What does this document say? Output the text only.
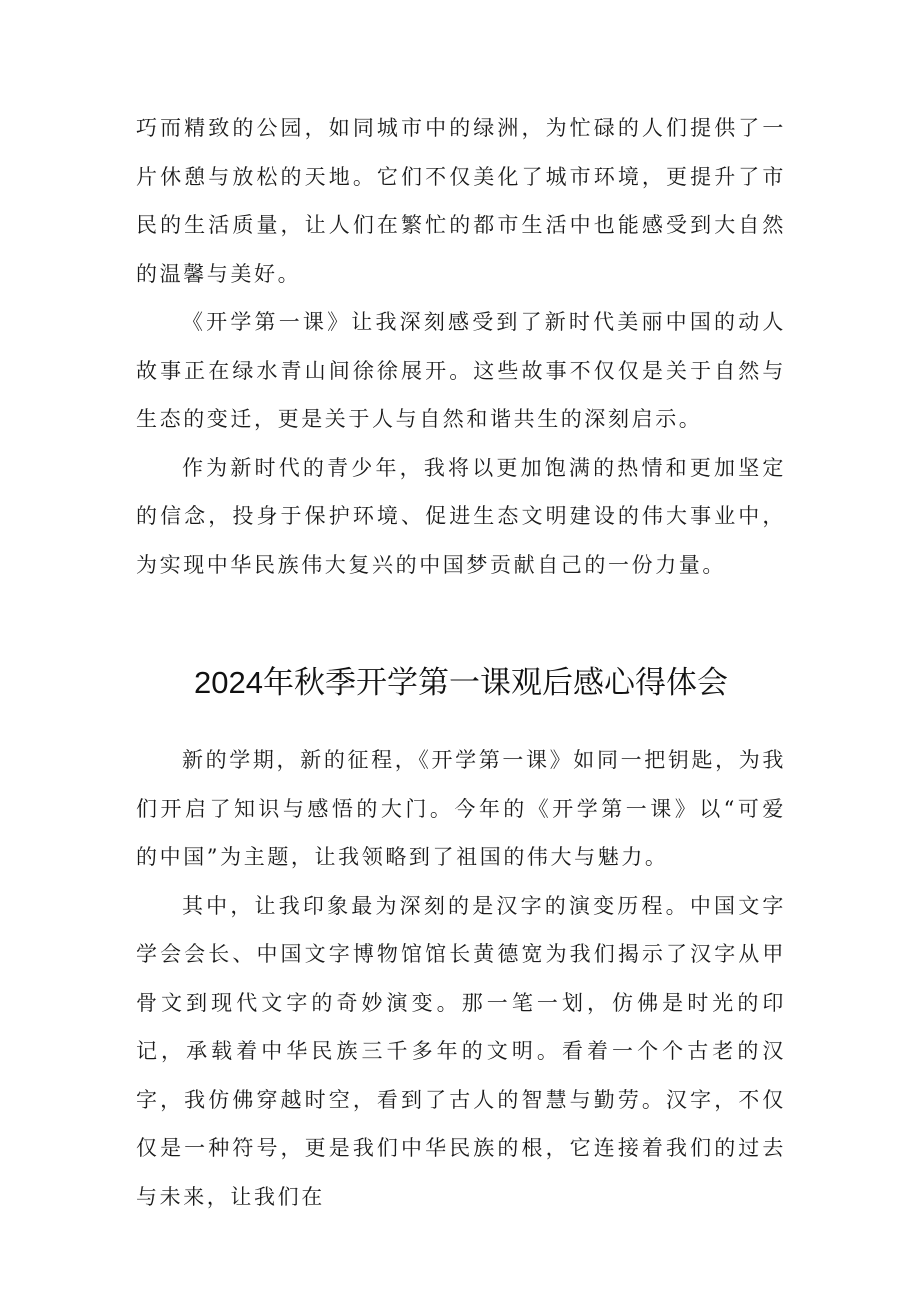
巧而精致的公园，如同城市中的绿洲，为忙碌的人们提供了一片休憩与放松的天地。它们不仅美化了城市环境，更提升了市民的生活质量，让人们在繁忙的都市生活中也能感受到大自然的温馨与美好。

《开学第一课》让我深刻感受到了新时代美丽中国的动人故事正在绿水青山间徐徐展开。这些故事不仅仅是关于自然与生态的变迁，更是关于人与自然和谐共生的深刻启示。

作为新时代的青少年，我将以更加饱满的热情和更加坚定的信念，投身于保护环境、促进生态文明建设的伟大事业中，为实现中华民族伟大复兴的中国梦贡献自己的一份力量。

2024年秋季开学第一课观后感心得体会

新的学期，新的征程，《开学第一课》如同一把钥匙，为我们开启了知识与感悟的大门。今年的《开学第一课》以“可爱的中国”为主题，让我领略到了祖国的伟大与魅力。

其中，让我印象最为深刻的是汉字的演变历程。中国文字学会会长、中国文字博物馆馆长黄德宽为我们揭示了汉字从甲骨文到现代文字的奇妙演变。那一笔一划，仿佛是时光的印记，承载着中华民族三千多年的文明。看着一个个古老的汉字，我仿佛穿越时空，看到了古人的智慧与勤劳。汉字，不仅仅是一种符号，更是我们中华民族的根，它连接着我们的过去与未来，让我们在
